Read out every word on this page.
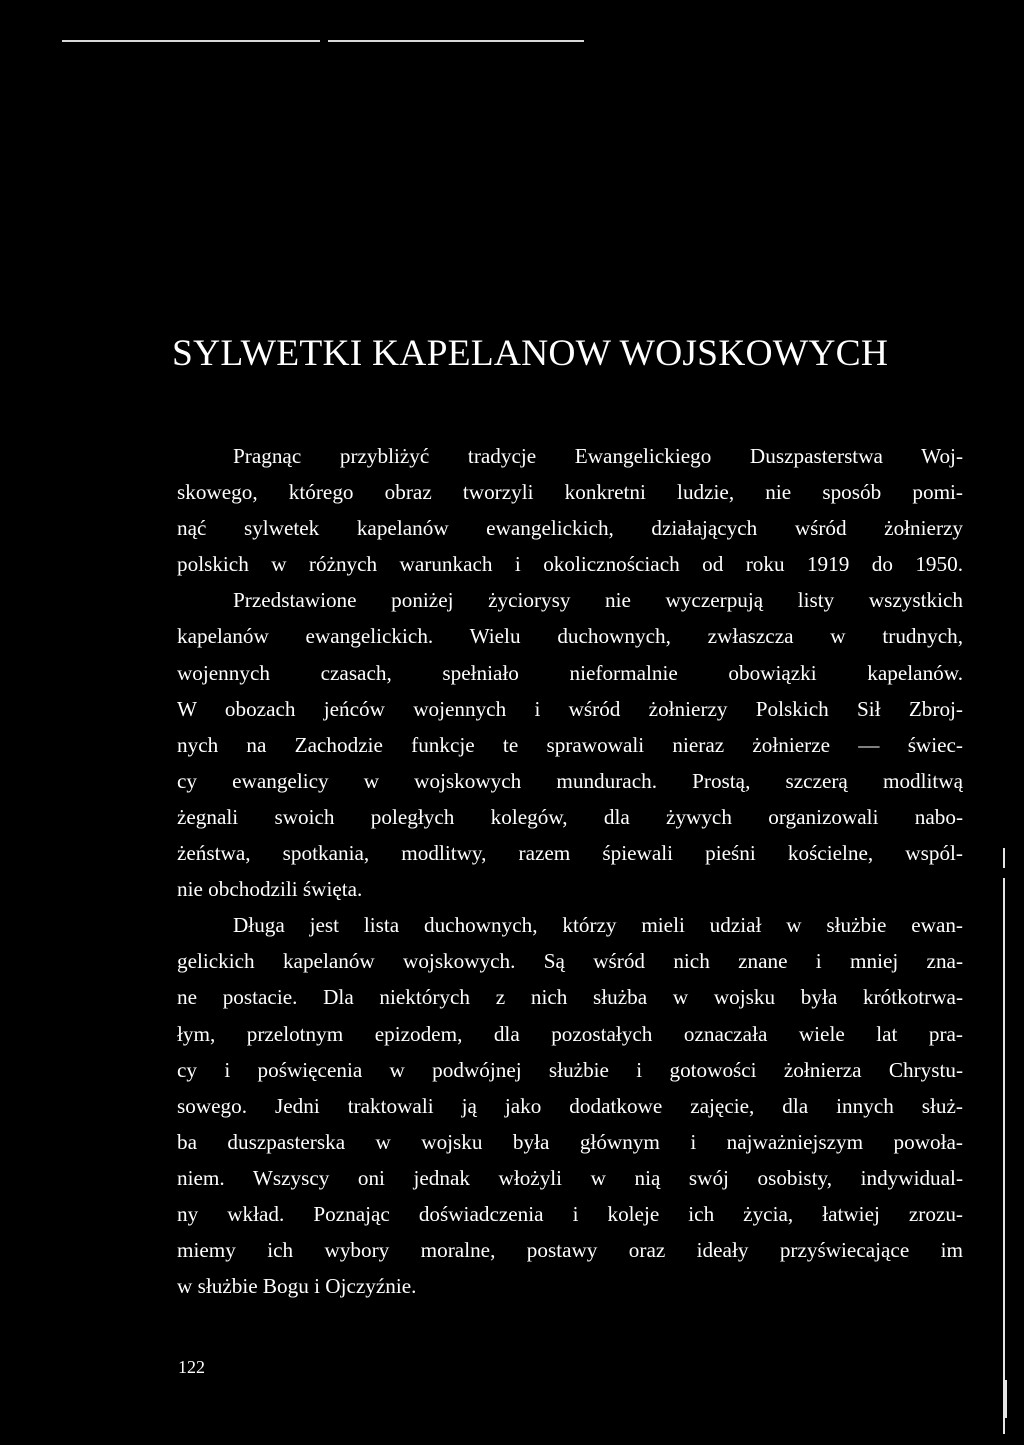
SYLWETKI KAPELANOW WOJSKOWYCH
Pragnąc przybliżyć tradycje Ewangelickiego Duszpasterstwa Woj-
skowego, którego obraz tworzyli konkretni ludzie, nie sposób pomi-
nąć sylwetek kapelanów ewangelickich, działających wśród żołnierzy
polskich w różnych warunkach i okolicznościach od roku 1919 do 1950.
Przedstawione poniżej życiorysy nie wyczerpują listy wszystkich
kapelanów ewangelickich. Wielu duchownych, zwłaszcza w trudnych,
wojennych czasach, spełniało nieformalnie obowiązki kapelanów.
W obozach jeńców wojennych i wśród żołnierzy Polskich Sił Zbroj-
nych na Zachodzie funkcje te sprawowali nieraz żołnierze — świec-
cy ewangelicy w wojskowych mundurach. Prostą, szczerą modlitwą
żegnali swoich poległych kolegów, dla żywych organizowali nabo-
żeństwa, spotkania, modlitwy, razem śpiewali pieśni kościelne, wspól-
nie obchodzili święta.
Długa jest lista duchownych, którzy mieli udział w służbie ewan-
gelickich kapelanów wojskowych. Są wśród nich znane i mniej zna-
ne postacie. Dla niektórych z nich służba w wojsku była krótkotrwa-
łym, przelotnym epizodem, dla pozostałych oznaczała wiele lat pra-
cy i poświęcenia w podwójnej służbie i gotowości żołnierza Chrystu-
sowego. Jedni traktowali ją jako dodatkowe zajęcie, dla innych służ-
ba duszpasterska w wojsku była głównym i najważniejszym powoła-
niem. Wszyscy oni jednak włożyli w nią swój osobisty, indywidual-
ny wkład. Poznając doświadczenia i koleje ich życia, łatwiej zrozu-
miemy ich wybory moralne, postawy oraz ideały przyświecające im
w służbie Bogu i Ojczyźnie.

122
